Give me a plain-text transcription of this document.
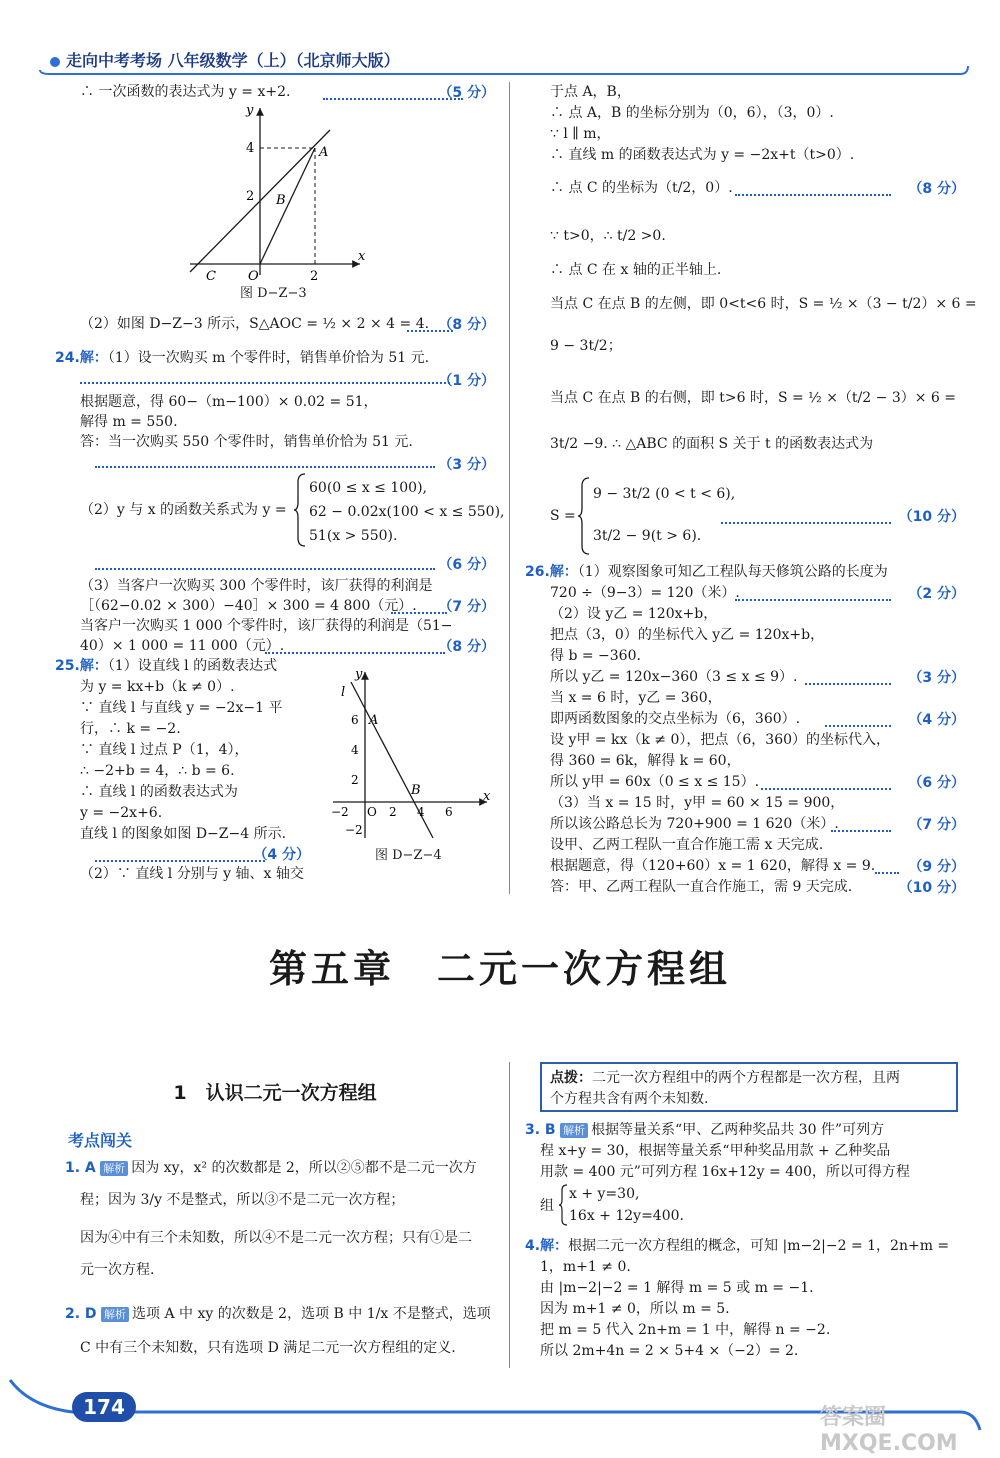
走向中考考场 八年级数学（上）（北京师大版）
∴ 一次函数的表达式为 y = x+2.	（5 分）
y
x
A
B
C O
4
2
2
图 D−Z−3
（2）如图 D−Z−3 所示，S△AOC = ½ × 2 × 4 = 4. （8 分）
24.解：（1）设一次购买 m 个零件时，销售单价恰为 51 元.
（1 分）
根据题意，得 60−（m−100）× 0.02 = 51，
解得 m = 550.
答：当一次购买 550 个零件时，销售单价恰为 51 元.
（3 分）
（2）y 与 x 的函数关系式为 y =
60(0 ≤ x ≤ 100),
62 − 0.02x(100 < x ≤ 550),
51(x > 550).
（6 分）
（3）当客户一次购买 300 个零件时，该厂获得的利润是
［（62−0.02 × 300）−40］× 300 = 4 800（元）. （7 分）
当客户一次购买 1 000 个零件时，该厂获得的利润是（51−
40）× 1 000 = 11 000（元）.	（8 分）
25.解：（1）设直线 l 的函数表达式
为 y = kx+b（k ≠ 0）.
∵ 直线 l 与直线 y = −2x−1 平
行，∴ k = −2.
∵ 直线 l 过点 P（1，4），
∴ −2+b = 4，∴ b = 6.
∴ 直线 l 的函数表达式为
y = −2x+6.
直线 l 的图象如图 D−Z−4 所示.
（4 分）
（2）∵ 直线 l 分别与 y 轴、x 轴交
y
x
l
A
B
O
6
4
2
−2
2 4 6
−2
图 D−Z−4
于点 A，B，
∴ 点 A，B 的坐标分别为（0，6），（3，0）.
∵ l ∥ m，
∴ 直线 m 的函数表达式为 y = −2x+t（t>0）.
∴ 点 C 的坐标为（t/2，0）.	（8 分）
∵ t>0，∴ t/2 >0.
∴ 点 C 在 x 轴的正半轴上.
当点 C 在点 B 的左侧，即 0<t<6 时，S = ½ ×（3 − t/2）× 6 =
9 − 3t/2；
当点 C 在点 B 的右侧，即 t>6 时，S = ½ ×（t/2 − 3）× 6 =
3t/2 −9. ∴ △ABC 的面积 S 关于 t 的函数表达式为
S =
9 − 3t/2 (0 < t < 6),
3t/2 − 9(t > 6).
（10 分）
26.解：（1）观察图象可知乙工程队每天修筑公路的长度为
720 ÷（9−3）= 120（米）.	（2 分）
（2）设 y乙 = 120x+b，
把点（3，0）的坐标代入 y乙 = 120x+b，
得 b = −360.
所以 y乙 = 120x−360（3 ≤ x ≤ 9）.	（3 分）
当 x = 6 时，y乙 = 360，
即两函数图象的交点坐标为（6，360）.	（4 分）
设 y甲 = kx（k ≠ 0），把点（6，360）的坐标代入，
得 360 = 6k，解得 k = 60，
所以 y甲 = 60x（0 ≤ x ≤ 15）.	（6 分）
（3）当 x = 15 时，y甲 = 60 × 15 = 900，
所以该公路总长为 720+900 = 1 620（米）.	（7 分）
设甲、乙两工程队一直合作施工需 x 天完成.
根据题意，得（120+60）x = 1 620，解得 x = 9. （9 分）
答：甲、乙两工程队一直合作施工，需 9 天完成.	（10 分）
第五章　二元一次方程组
1　认识二元一次方程组
考点闯关
1. A 解析 因为 xy，x² 的次数都是 2，所以②⑤都不是二元一次方
程；因为 3/y 不是整式，所以③不是二元一次方程；
因为④中有三个未知数，所以④不是二元一次方程；只有①是二
元一次方程.
2. D 解析 选项 A 中 xy 的次数是 2，选项 B 中 1/x 不是整式，选项
C 中有三个未知数，只有选项 D 满足二元一次方程组的定义.
点拨：二元一次方程组中的两个方程都是一次方程，且两
个方程共含有两个未知数.
3. B 解析 根据等量关系“甲、乙两种奖品共 30 件”可列方
程 x+y = 30，根据等量关系“甲种奖品用款 + 乙种奖品
用款 = 400 元”可列方程 16x+12y = 400，所以可得方程
组
x + y=30,
16x + 12y=400.
4.解：根据二元一次方程组的概念，可知 |m−2|−2 = 1，2n+m =
1，m+1 ≠ 0.
由 |m−2|−2 = 1 解得 m = 5 或 m = −1.
因为 m+1 ≠ 0，所以 m = 5.
把 m = 5 代入 2n+m = 1 中，解得 n = −2.
所以 2m+4n = 2 × 5+4 ×（−2）= 2.
174	答案圈 MXQE.COM
